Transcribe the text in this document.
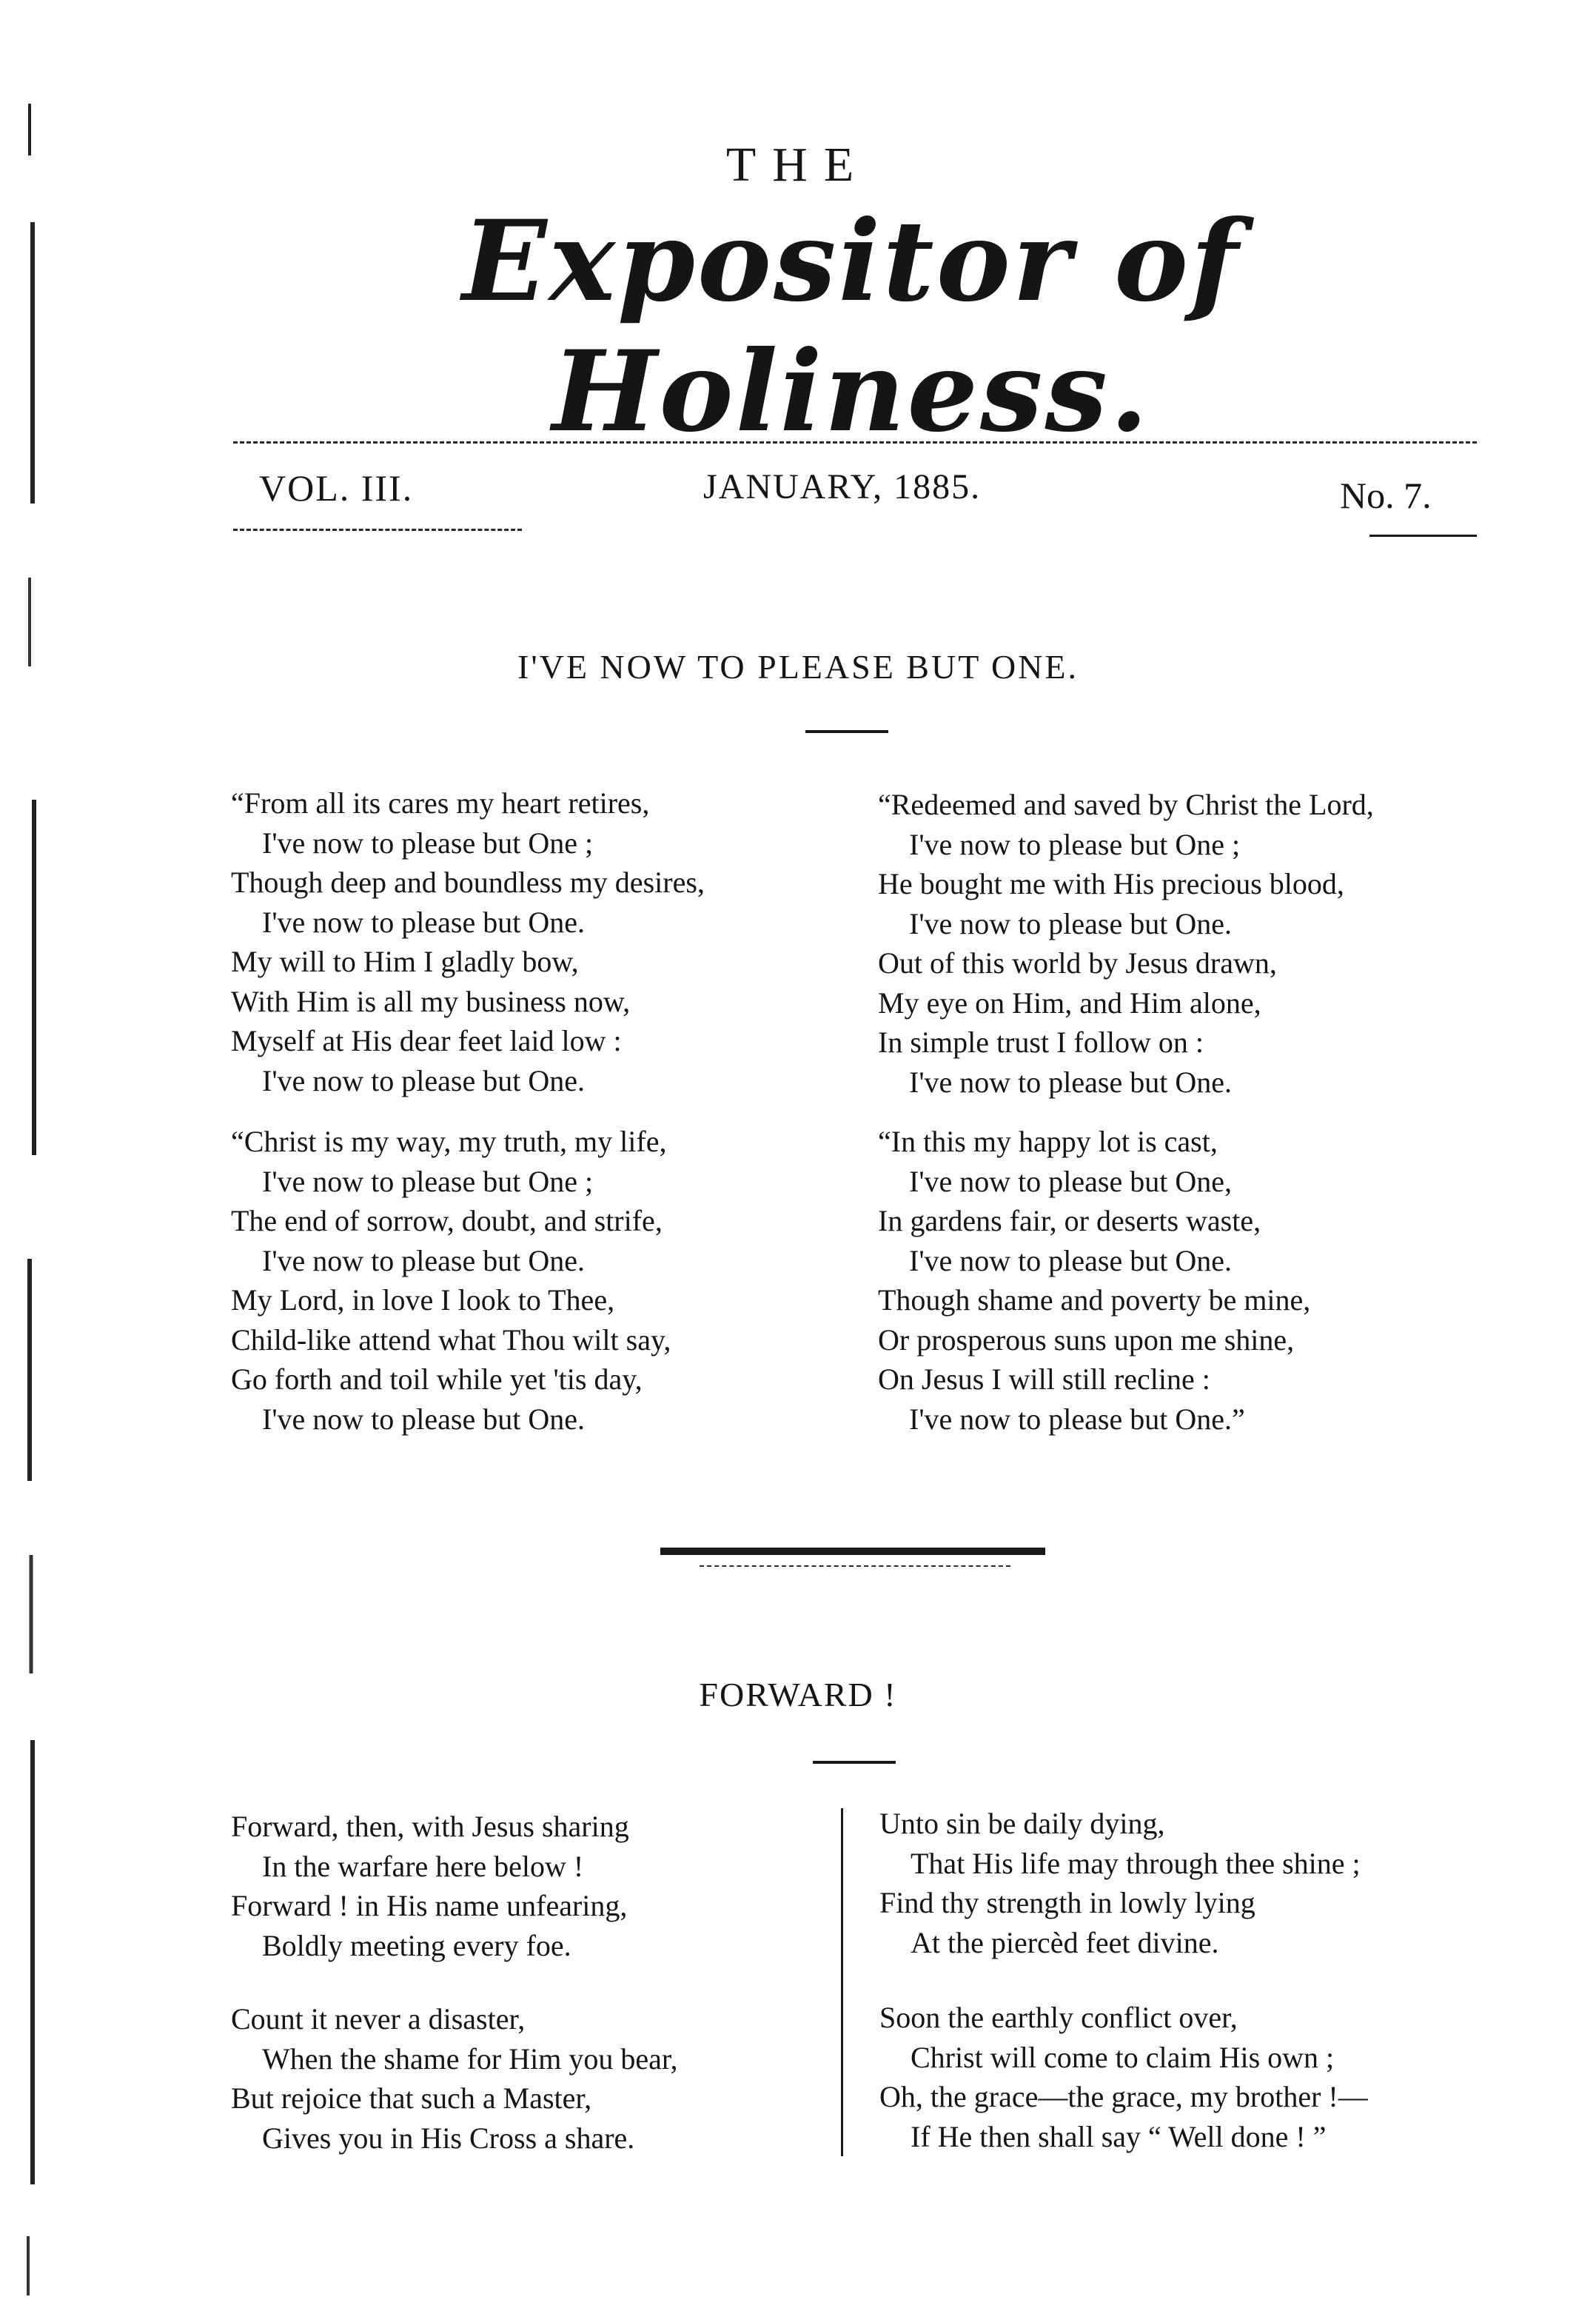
THE
Expositor of Holiness.
VOL. III.	JANUARY, 1885.	No. 7.
I'VE NOW TO PLEASE BUT ONE.
“From all its cares my heart retires,
I've now to please but One ;
Though deep and boundless my desires,
I've now to please but One.
My will to Him I gladly bow,
With Him is all my business now,
Myself at His dear feet laid low :
I've now to please but One.
“Christ is my way, my truth, my life,
I've now to please but One ;
The end of sorrow, doubt, and strife,
I've now to please but One.
My Lord, in love I look to Thee,
Child-like attend what Thou wilt say,
Go forth and toil while yet 'tis day,
I've now to please but One.
“Redeemed and saved by Christ the Lord,
I've now to please but One ;
He bought me with His precious blood,
I've now to please but One.
Out of this world by Jesus drawn,
My eye on Him, and Him alone,
In simple trust I follow on :
I've now to please but One.
“In this my happy lot is cast,
I've now to please but One,
In gardens fair, or deserts waste,
I've now to please but One.
Though shame and poverty be mine,
Or prosperous suns upon me shine,
On Jesus I will still recline :
I've now to please but One.”
FORWARD !
Forward, then, with Jesus sharing
In the warfare here below !
Forward ! in His name unfearing,
Boldly meeting every foe.
Count it never a disaster,
When the shame for Him you bear,
But rejoice that such a Master,
Gives you in His Cross a share.
Unto sin be daily dying,
That His life may through thee shine ;
Find thy strength in lowly lying
At the piercèd feet divine.
Soon the earthly conflict over,
Christ will come to claim His own ;
Oh, the grace—the grace, my brother !—
If He then shall say “ Well done ! ”
